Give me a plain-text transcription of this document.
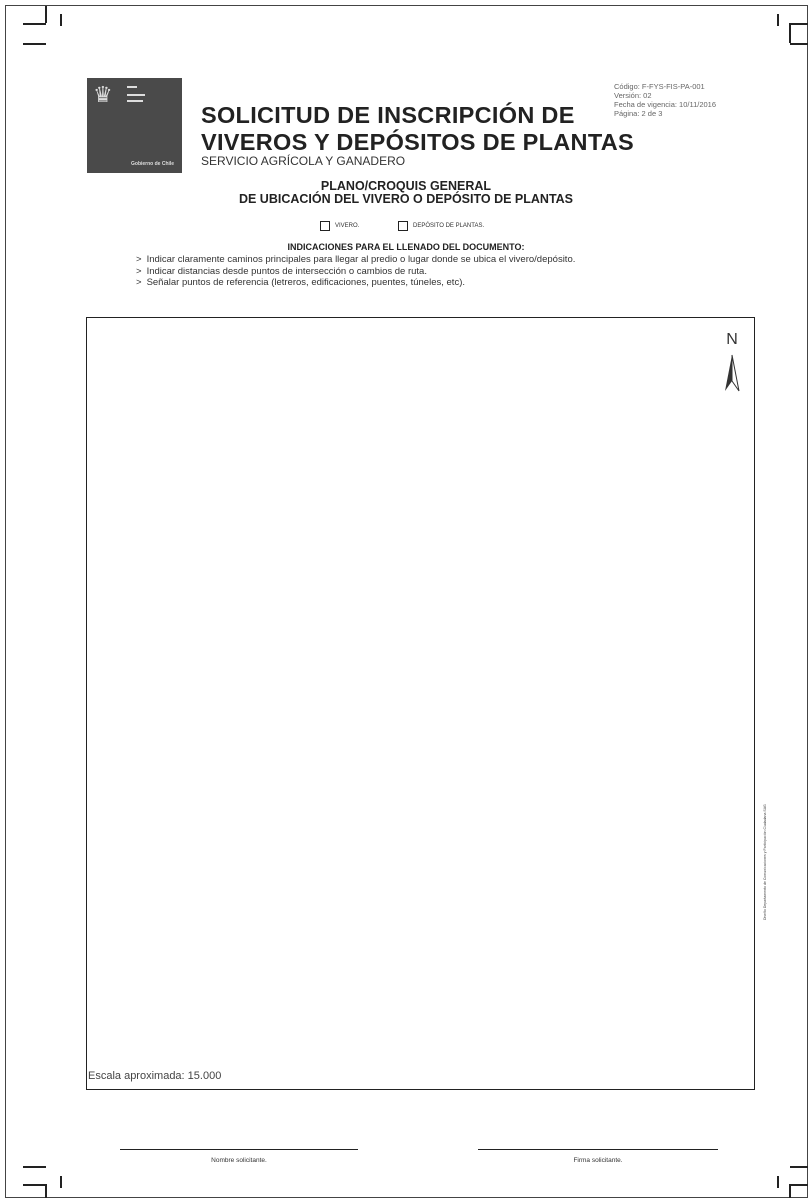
♛
Gobierno de Chile
SOLICITUD DE INSCRIPCIÓN DE
VIVEROS Y DEPÓSITOS DE PLANTAS
SERVICIO AGRÍCOLA Y GANADERO
Código: F-FYS-FIS-PA-001
Versión: 02
Fecha de vigencia: 10/11/2016
Página: 2 de 3
PLANO/CROQUIS GENERAL
DE UBICACIÓN DEL VIVERO O DEPÓSITO DE PLANTAS
VIVERO.	DEPÓSITO DE PLANTAS.
INDICACIONES PARA EL LLENADO DEL DOCUMENTO:
> Indicar claramente caminos principales para llegar al predio o lugar donde se ubica el vivero/depósito.
> Indicar distancias desde puntos de intersección o cambios de ruta.
> Señalar puntos de referencia (letreros, edificaciones, puentes, túneles, etc).
N
Escala aproximada: 15.000
Diseño Departamento de Comunicaciones y Participación Ciudadana SAG
Nombre solicitante.	Firma solicitante.
